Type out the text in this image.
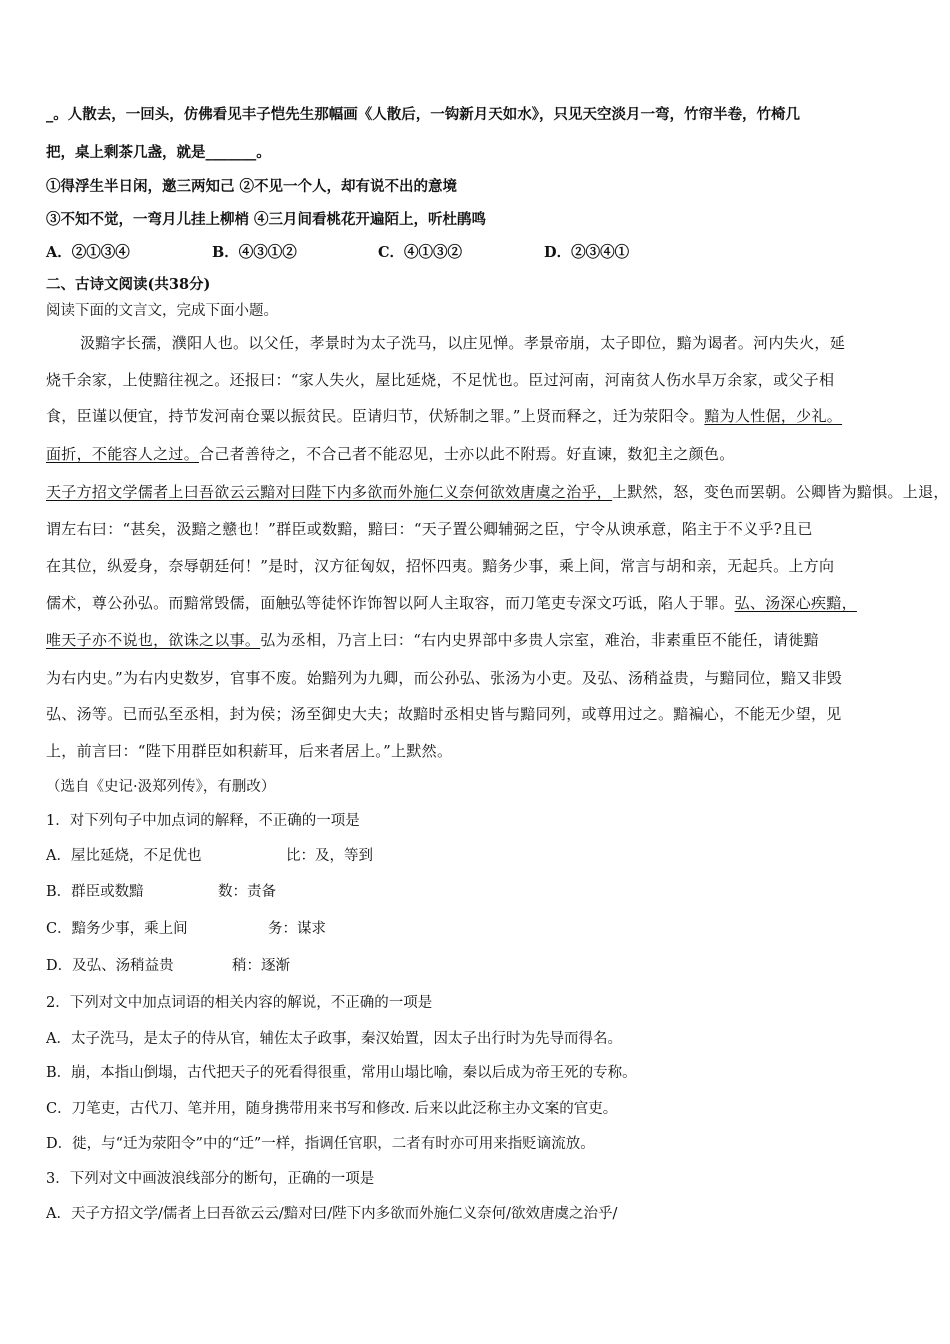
_。人散去，一回头，仿佛看见丰子恺先生那幅画《人散后，一钩新月天如水》，只见天空淡月一弯，竹帘半卷，竹椅几
把，桌上剩茶几盏，就是_______。
①得浮生半日闲，邀三两知己 ②不见一个人，却有说不出的意境
③不知不觉，一弯月儿挂上柳梢 ④三月间看桃花开遍陌上，听杜鹃鸣
A．②①③④	B．④③①②	C．④①③②	D．②③④①
二、古诗文阅读(共38分)
阅读下面的文言文，完成下面小题。
汲黯字长孺，濮阳人也。以父任，孝景时为太子洗马，以庄见惮。孝景帝崩，太子即位，黯为谒者。河内失火，延
烧千余家，上使黯往视之。还报曰：“家人失火，屋比延烧，不足忧也。臣过河南，河南贫人伤水旱万余家，或父子相
食，臣谨以便宜，持节发河南仓粟以振贫民。臣请归节，伏矫制之罪。”上贤而释之，迁为荥阳令。黯为人性倨，少礼。
面折，不能容人之过。合己者善待之，不合己者不能忍见，士亦以此不附焉。好直谏，数犯主之颜色。
天子方招文学儒者上曰吾欲云云黯对曰陛下内多欲而外施仁义奈何欲效唐虞之治乎，上默然，怒，变色而罢朝。公卿皆为黯惧。上退，
谓左右曰：“甚矣，汲黯之戆也！”群臣或数黯，黯曰：“天子置公卿辅弼之臣，宁令从谀承意，陷主于不义乎?且已
在其位，纵爱身，奈辱朝廷何！”是时，汉方征匈奴，招怀四夷。黯务少事，乘上间，常言与胡和亲，无起兵。上方向
儒术，尊公孙弘。而黯常毁儒，面触弘等徒怀诈饰智以阿人主取容，而刀笔吏专深文巧诋，陷人于罪。弘、汤深心疾黯，
唯天子亦不说也，欲诛之以事。弘为丞相，乃言上曰：“右内史界部中多贵人宗室，难治，非素重臣不能任，请徙黯
为右内史。”为右内史数岁，官事不废。始黯列为九卿，而公孙弘、张汤为小吏。及弘、汤稍益贵，与黯同位，黯又非毁
弘、汤等。已而弘至丞相，封为侯；汤至御史大夫；故黯时丞相史皆与黯同列，或尊用过之。黯褊心，不能无少望，见
上，前言曰：“陛下用群臣如积薪耳，后来者居上。”上默然。
（选自《史记·汲郑列传》，有删改）
1．对下列句子中加点词的解释，不正确的一项是
A．屋比延烧，不足优也	比：及，等到
B．群臣或数黯	数：责备
C．黯务少事，乘上间	务：谋求
D．及弘、汤稍益贵	稍：逐渐
2．下列对文中加点词语的相关内容的解说，不正确的一项是
A．太子洗马，是太子的侍从官，辅佐太子政事，秦汉始置，因太子出行时为先导而得名。
B．崩，本指山倒塌，古代把天子的死看得很重，常用山塌比喻，秦以后成为帝王死的专称。
C．刀笔吏，古代刀、笔并用，随身携带用来书写和修改. 后来以此泛称主办文案的官吏。
D．徙，与“迁为荥阳令”中的“迁”一样，指调任官职，二者有时亦可用来指贬谪流放。
3．下列对文中画波浪线部分的断句，正确的一项是
A．天子方招文学/儒者上曰吾欲云云/黯对曰/陛下内多欲而外施仁义奈何/欲效唐虞之治乎/
